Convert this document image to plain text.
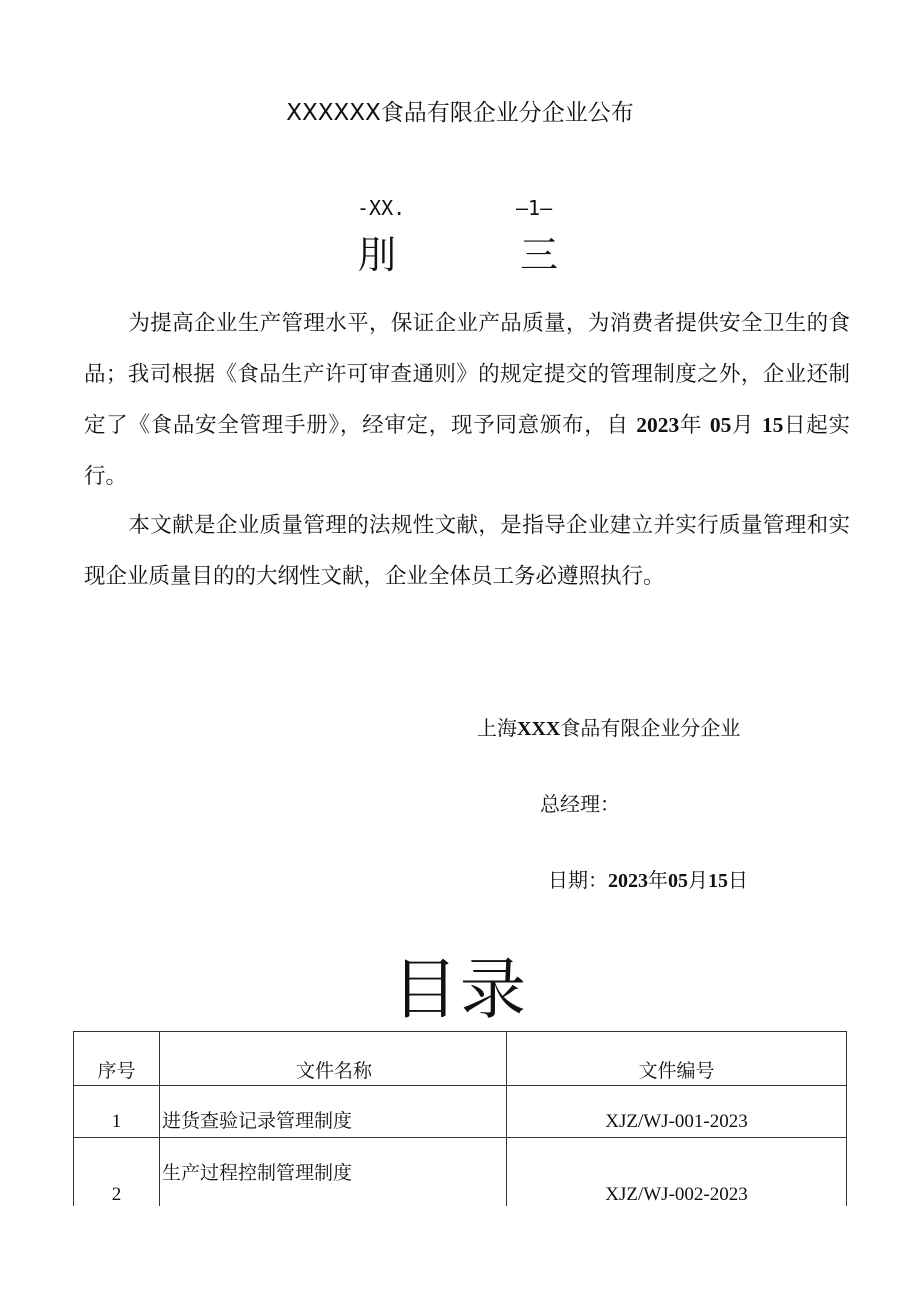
XXXXXX食品有限企业分企业公布
-XX.	—1—
刖	三
为提高企业生产管理水平，保证企业产品质量，为消费者提供安全卫生的食品；我司根据《食品生产许可审查通则》的规定提交的管理制度之外，企业还制定了《食品安全管理手册》，经审定，现予同意颁布，自 2023年 05月 15日起实行。
本文献是企业质量管理的法规性文献，是指导企业建立并实行质量管理和实现企业质量目的的大纲性文献，企业全体员工务必遵照执行。
上海XXX食品有限企业分企业
总经理：
日期：2023年05月15日
目录
序号	文件名称	文件编号
1	进货查验记录管理制度	XJZ/WJ-001-2023
2	生产过程控制管理制度	XJZ/WJ-002-2023
